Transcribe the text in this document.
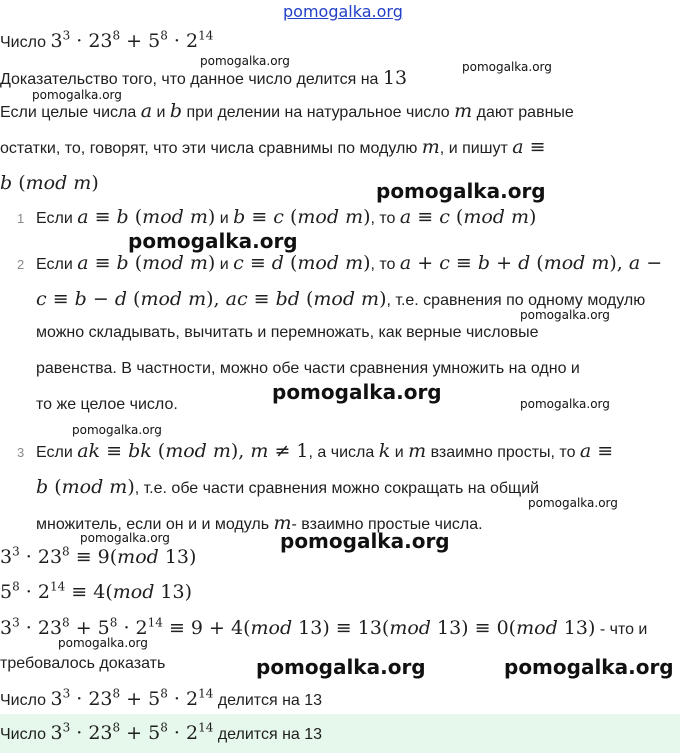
pomogalka.org
pomogalka.org	pomogalka.org
pomogalka.org
pomogalka.org
pomogalka.org
pomogalka.org
pomogalka.org	pomogalka.org
pomogalka.org
pomogalka.org
pomogalka.org
pomogalka.org
pomogalka.org
pomogalka.org	pomogalka.org
Число $3^3 \cdot 23^8 + 5^8 \cdot 2^{14}$
Доказательство того, что данное число делится на 13
Если целые числа a и b при делении на натуральное число m дают равные
остатки, то, говорят, что эти числа сравнимы по модулю m, и пишут a ≡
b (mod m)
1 Если a ≡ b (mod m) и b ≡ c (mod m), то a ≡ c (mod m)
2 Если a ≡ b (mod m) и c ≡ d (mod m), то a + c ≡ b + d (mod m), a −
c ≡ b − d (mod m), ac ≡ bd (mod m), т.е. сравнения по одному модулю
можно складывать, вычитать и перемножать, как верные числовые
равенства. В частности, можно обе части сравнения умножить на одно и
то же целое число.
3 Если ak ≡ bk (mod m), m ≠ 1, а числа k и m взаимно просты, то a ≡
b (mod m), т.е. обе части сравнения можно сокращать на общий
множитель, если он и и модуль m- взаимно простые числа.
$3^3 \cdot 23^8 \equiv 9(mod$ 13)
$5^8 \cdot 2^{14} \equiv 4(mod$ 13)
$3^3 \cdot 23^8 + 5^8 \cdot 2^{14} \equiv 9 + 4(mod$ 13) ≡ 13(mod 13) ≡ 0(mod 13) - что и
требовалось доказать
Число $3^3 \cdot 23^8 + 5^8 \cdot 2^{14}$ делится на 13
Число $3^3 \cdot 23^8 + 5^8 \cdot 2^{14}$ делится на 13
